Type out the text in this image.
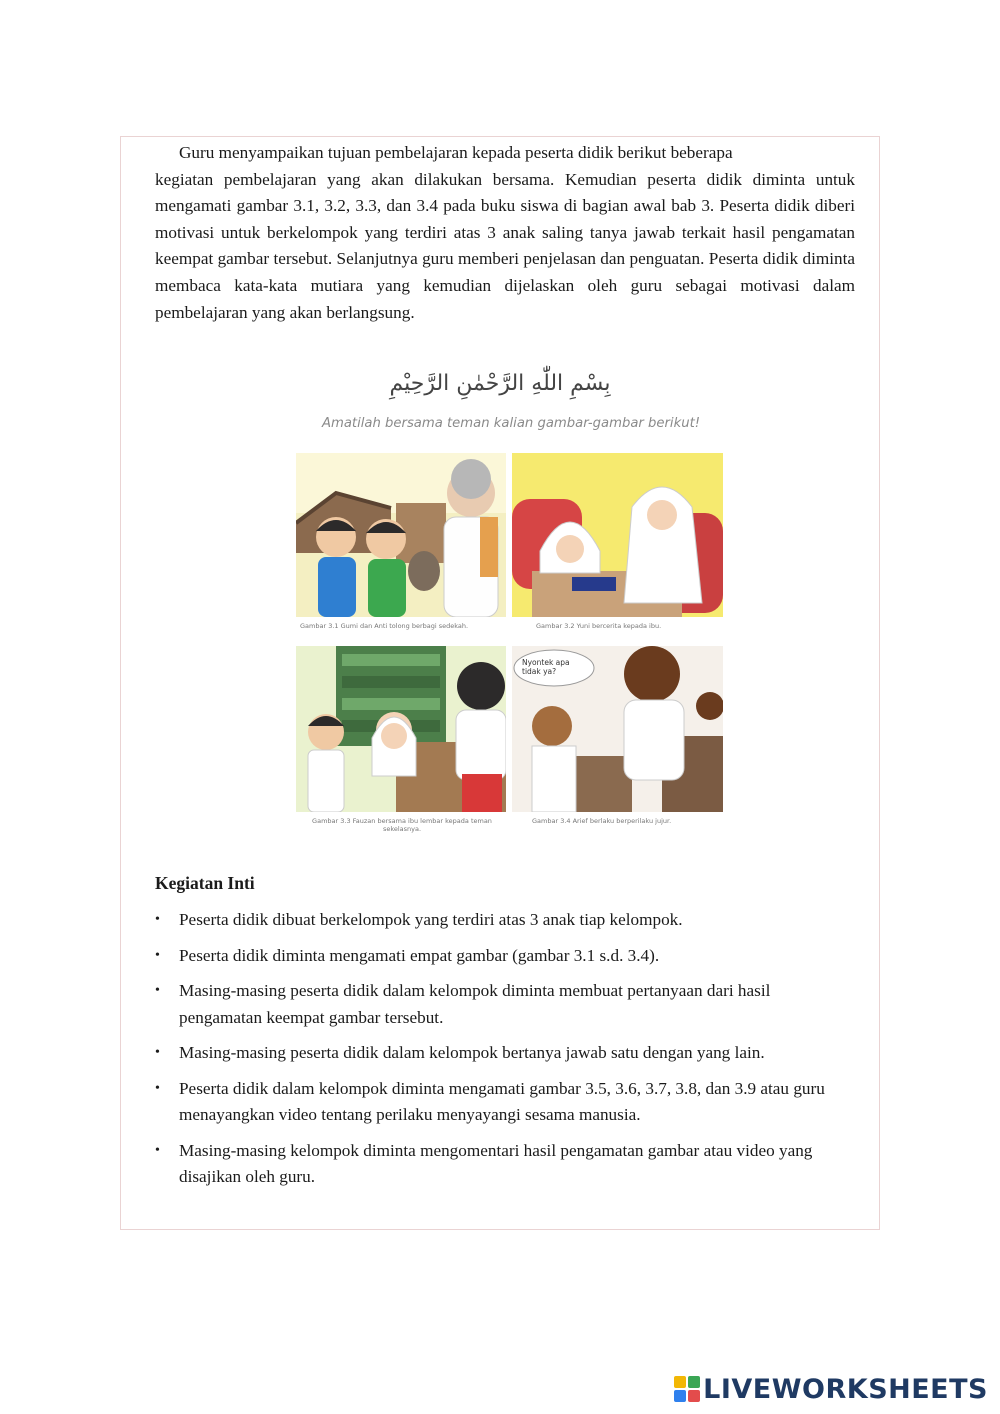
Guru menyampaikan tujuan pembelajaran kepada peserta didik berikut beberapa
kegiatan pembelajaran yang akan dilakukan bersama. Kemudian peserta didik diminta untuk mengamati gambar 3.1, 3.2, 3.3, dan 3.4 pada buku siswa di bagian awal bab 3. Peserta didik diberi motivasi untuk berkelompok yang terdiri atas 3 anak saling tanya jawab terkait hasil pengamatan keempat gambar tersebut. Selanjutnya guru memberi penjelasan dan penguatan. Peserta didik diminta membaca kata-kata mutiara yang kemudian dijelaskan oleh guru sebagai motivasi dalam pembelajaran yang akan berlangsung.

بِسْمِ اللّٰهِ الرَّحْمٰنِ الرَّحِيْمِ

Amatilah bersama teman kalian gambar-gambar berikut!

Gambar 3.1 Gumi dan Anti tolong berbagi sedekah.	Gambar 3.2 Yuni bercerita kepada ibu.
Gambar 3.3 Fauzan bersama ibu lembar kepada teman sekelasnya.
Nyontek apa tidak ya?
Gambar 3.4 Arief berlaku berperilaku jujur.
Kegiatan Inti
• Peserta didik dibuat berkelompok yang terdiri atas 3 anak tiap kelompok.
• Peserta didik diminta mengamati empat gambar (gambar 3.1 s.d. 3.4).
• Masing-masing peserta didik dalam kelompok diminta membuat pertanyaan dari hasil pengamatan keempat gambar tersebut.
• Masing-masing peserta didik dalam kelompok bertanya jawab satu dengan yang lain.
• Peserta didik dalam kelompok diminta mengamati gambar 3.5, 3.6, 3.7, 3.8, dan 3.9 atau guru menayangkan video tentang perilaku menyayangi sesama manusia.
• Masing-masing kelompok diminta mengomentari hasil pengamatan gambar atau video yang disajikan oleh guru.
LIVEWORKSHEETS
